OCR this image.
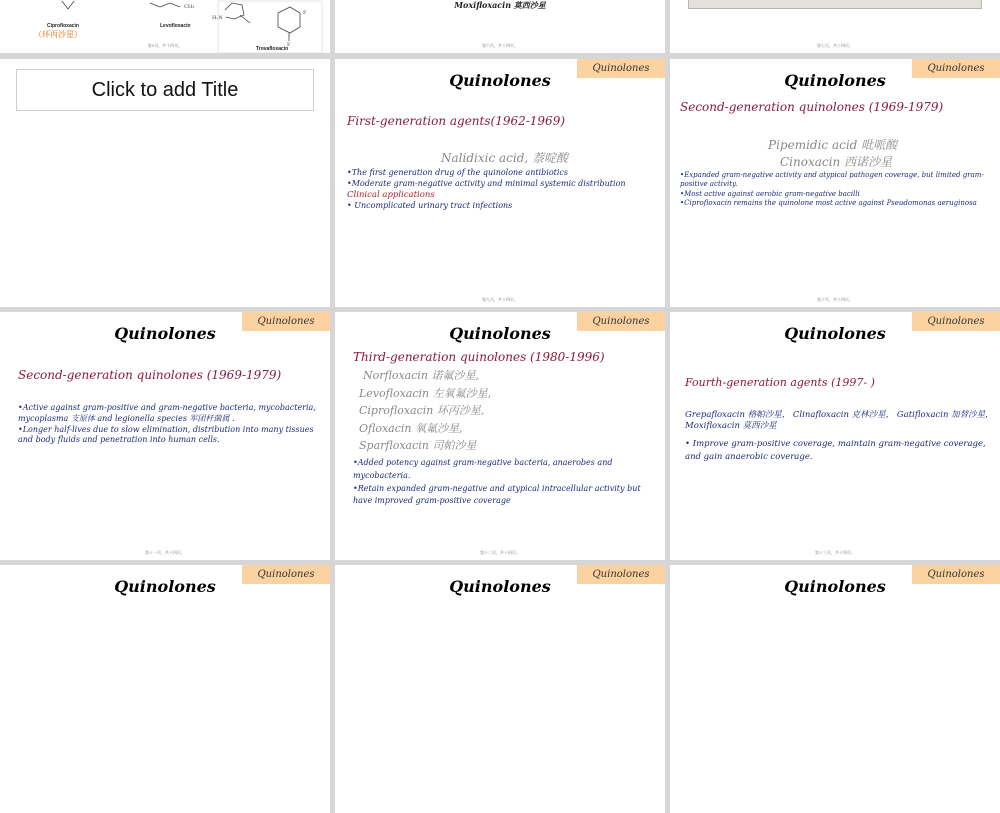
H₂N
CH₃
F
F
Ciprofloxacin	Levofloxacin
Trovafloxacin
（环丙沙星）
第5页，共十四页。
Moxifloxacin 莫西沙星
第六页，共十四页。	第七页，共十四页。
Click to add Title
Quinolones
Quinolones
First-generation agents(1962-1969)
Nalidixic acid, 萘啶酸
•The first generation drug of the quinolone antibiotics
•Moderate gram-negative activity and minimal systemic distribution
Clinical applications
• Uncomplicated urinary tract infections
第九页，共十四页。
Quinolones
Quinolones
Second-generation quinolones (1969-1979)
Pipemidic acid 吡哌酸
Cinoxacin 西诺沙星
•Expanded gram-negative activity and atypical pathogen coverage, but limited gram-positive activity.
•Most active against aerobic gram-negative bacilli
•Ciprofloxacin remains the quinolone most active against Pseudomonas aeruginosa
第十页，共十四页。
Quinolones
Quinolones
Second-generation quinolones (1969-1979)
•Active against gram-positive and gram-negative bacteria, mycobacteria, mycoplasma 支原体 and legionella species 军团杆菌属 .
•Longer half-lives due to slow elimination, distribution into many tissues and body fluids and penetration into human cells.
第十一页，共十四页。
Quinolones
Quinolones
Third-generation quinolones (1980-1996)
Norfloxacin 诺氟沙星,
Levofloxacin 左氧氟沙星,
Ciprofloxacin 环丙沙星,
Ofloxacin 氧氟沙星,
Sparfloxacin 司帕沙星
•Added potency against gram-negative bacteria, anaerobes and mycobacteria.
•Retain expanded gram-negative and atypical intracellular activity but have improved gram-positive coverage
第十二页，共十四页。
Quinolones
Quinolones
Fourth-generation agents (1997- )
Grepafloxacin 格帕沙星， Clinafloxacin 克林沙星， Gatifloxacin 加替沙星， Moxifloxacin 莫西沙星
• Improve gram-positive coverage, maintain gram-negative coverage, and gain anaerobic coverage.
第十三页，共十四页。
Quinolones
Quinolones
Quinolones
Quinolones
Quinolones
Quinolones
